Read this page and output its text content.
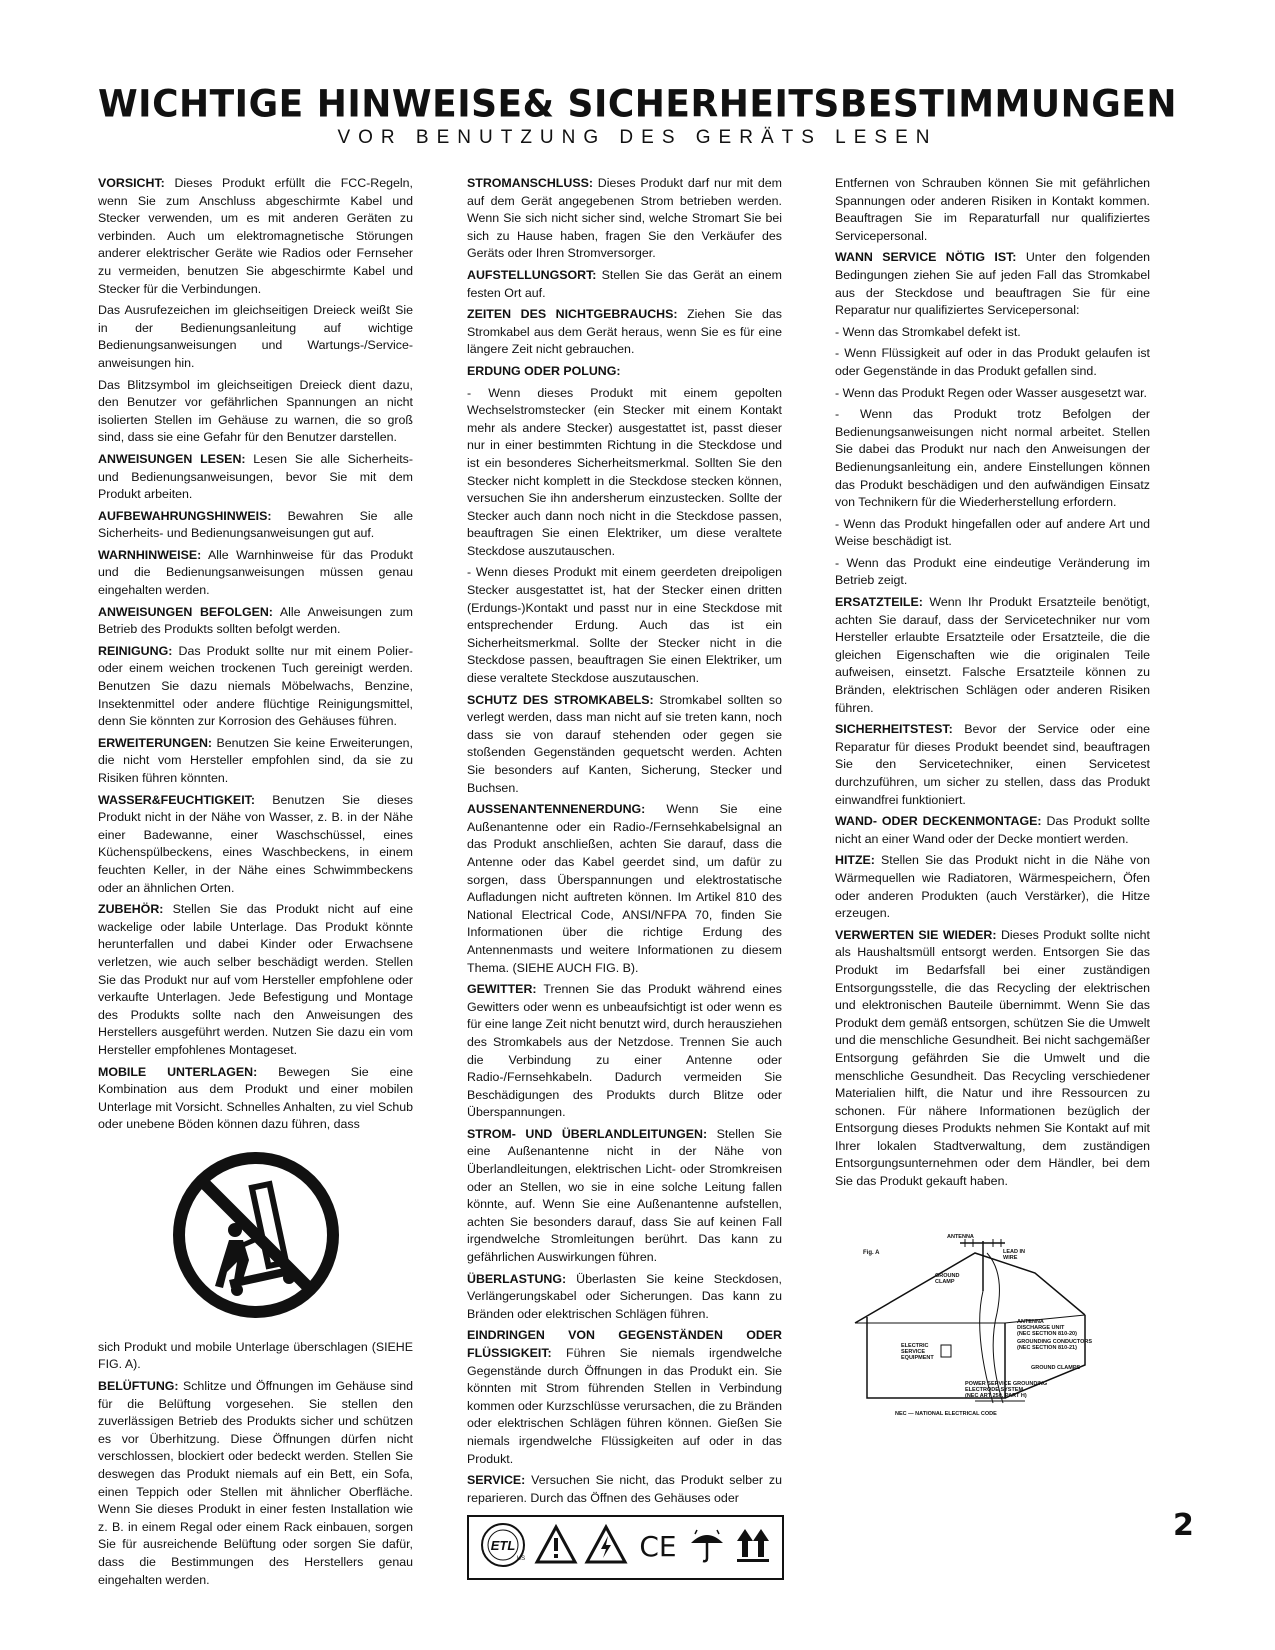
WICHTIGE HINWEISE& SICHERHEITSBESTIMMUNGEN
VOR BENUTZUNG DES GERÄTS LESEN
VORSICHT: Dieses Produkt erfüllt die FCC-Regeln, wenn Sie zum Anschluss abgeschirmte Kabel und Stecker verwenden, um es mit anderen Geräten zu verbinden. Auch um elektromagnetische Störungen anderer elektrischer Geräte wie Radios oder Fernseher zu vermeiden, benutzen Sie abgeschirmte Kabel und Stecker für die Verbindungen.
Das Ausrufezeichen im gleichseitigen Dreieck weißt Sie in der Bedienungsanleitung auf wichtige Bedienungsanweisungen und Wartungs-/Service-anweisungen hin.
Das Blitzsymbol im gleichseitigen Dreieck dient dazu, den Benutzer vor gefährlichen Spannungen an nicht isolierten Stellen im Gehäuse zu warnen, die so groß sind, dass sie eine Gefahr für den Benutzer darstellen.
ANWEISUNGEN LESEN: Lesen Sie alle Sicherheits- und Bedienungsanweisungen, bevor Sie mit dem Produkt arbeiten.
AUFBEWAHRUNGSHINWEIS: Bewahren Sie alle Sicherheits- und Bedienungsanweisungen gut auf.
WARNHINWEISE: Alle Warnhinweise für das Produkt und die Bedienungsanweisungen müssen genau eingehalten werden.
ANWEISUNGEN BEFOLGEN: Alle Anweisungen zum Betrieb des Produkts sollten befolgt werden.
REINIGUNG: Das Produkt sollte nur mit einem Polier- oder einem weichen trockenen Tuch gereinigt werden. Benutzen Sie dazu niemals Möbelwachs, Benzine, Insektenmittel oder andere flüchtige Reinigungsmittel, denn Sie könnten zur Korrosion des Gehäuses führen.
ERWEITERUNGEN: Benutzen Sie keine Erweiterungen, die nicht vom Hersteller empfohlen sind, da sie zu Risiken führen könnten.
WASSER&FEUCHTIGKEIT: Benutzen Sie dieses Produkt nicht in der Nähe von Wasser, z. B. in der Nähe einer Badewanne, einer Waschschüssel, eines Küchenspülbeckens, eines Waschbeckens, in einem feuchten Keller, in der Nähe eines Schwimmbeckens oder an ähnlichen Orten.
ZUBEHÖR: Stellen Sie das Produkt nicht auf eine wackelige oder labile Unterlage. Das Produkt könnte herunterfallen und dabei Kinder oder Erwachsene verletzen, wie auch selber beschädigt werden. Stellen Sie das Produkt nur auf vom Hersteller empfohlene oder verkaufte Unterlagen. Jede Befestigung und Montage des Produkts sollte nach den Anweisungen des Herstellers ausgeführt werden. Nutzen Sie dazu ein vom Hersteller empfohlenes Montageset.
MOBILE UNTERLAGEN: Bewegen Sie eine Kombination aus dem Produkt und einer mobilen Unterlage mit Vorsicht. Schnelles Anhalten, zu viel Schub oder unebene Böden können dazu führen, dass
sich Produkt und mobile Unterlage überschlagen (SIEHE FIG. A).
BELÜFTUNG: Schlitze und Öffnungen im Gehäuse sind für die Belüftung vorgesehen. Sie stellen den zuverlässigen Betrieb des Produkts sicher und schützen es vor Überhitzung. Diese Öffnungen dürfen nicht verschlossen, blockiert oder bedeckt werden. Stellen Sie deswegen das Produkt niemals auf ein Bett, ein Sofa, einen Teppich oder Stellen mit ähnlicher Oberfläche. Wenn Sie dieses Produkt in einer festen Installation wie z. B. in einem Regal oder einem Rack einbauen, sorgen Sie für ausreichende Belüftung oder sorgen Sie dafür, dass die Bestimmungen des Herstellers genau eingehalten werden.
STROMANSCHLUSS: Dieses Produkt darf nur mit dem auf dem Gerät angegebenen Strom betrieben werden. Wenn Sie sich nicht sicher sind, welche Stromart Sie bei sich zu Hause haben, fragen Sie den Verkäufer des Geräts oder Ihren Stromversorger.
AUFSTELLUNGSORT: Stellen Sie das Gerät an einem festen Ort auf.
ZEITEN DES NICHTGEBRAUCHS: Ziehen Sie das Stromkabel aus dem Gerät heraus, wenn Sie es für eine längere Zeit nicht gebrauchen.
ERDUNG ODER POLUNG:
- Wenn dieses Produkt mit einem gepolten Wechselstromstecker (ein Stecker mit einem Kontakt mehr als andere Stecker) ausgestattet ist, passt dieser nur in einer bestimmten Richtung in die Steckdose und ist ein besonderes Sicherheitsmerkmal. Sollten Sie den Stecker nicht komplett in die Steckdose stecken können, versuchen Sie ihn andersherum einzustecken. Sollte der Stecker auch dann noch nicht in die Steckdose passen, beauftragen Sie einen Elektriker, um diese veraltete Steckdose auszutauschen.
- Wenn dieses Produkt mit einem geerdeten dreipoligen Stecker ausgestattet ist, hat der Stecker einen dritten (Erdungs-)Kontakt und passt nur in eine Steckdose mit entsprechender Erdung. Auch das ist ein Sicherheitsmerkmal. Sollte der Stecker nicht in die Steckdose passen, beauftragen Sie einen Elektriker, um diese veraltete Steckdose auszutauschen.
SCHUTZ DES STROMKABELS: Stromkabel sollten so verlegt werden, dass man nicht auf sie treten kann, noch dass sie von darauf stehenden oder gegen sie stoßenden Gegenständen gequetscht werden. Achten Sie besonders auf Kanten, Sicherung, Stecker und Buchsen.
AUSSENANTENNENERDUNG: Wenn Sie eine Außenantenne oder ein Radio-/Fernsehkabelsignal an das Produkt anschließen, achten Sie darauf, dass die Antenne oder das Kabel geerdet sind, um dafür zu sorgen, dass Überspannungen und elektrostatische Aufladungen nicht auftreten können. Im Artikel 810 des National Electrical Code, ANSI/NFPA 70, finden Sie Informationen über die richtige Erdung des Antennenmasts und weitere Informationen zu diesem Thema. (SIEHE AUCH FIG. B).
GEWITTER: Trennen Sie das Produkt während eines Gewitters oder wenn es unbeaufsichtigt ist oder wenn es für eine lange Zeit nicht benutzt wird, durch herausziehen des Stromkabels aus der Netzdose. Trennen Sie auch die Verbindung zu einer Antenne oder Radio-/Fernsehkabeln. Dadurch vermeiden Sie Beschädigungen des Produkts durch Blitze oder Überspannungen.
STROM- UND ÜBERLANDLEITUNGEN: Stellen Sie eine Außenantenne nicht in der Nähe von Überlandleitungen, elektrischen Licht- oder Stromkreisen oder an Stellen, wo sie in eine solche Leitung fallen könnte, auf. Wenn Sie eine Außenantenne aufstellen, achten Sie besonders darauf, dass Sie auf keinen Fall irgendwelche Stromleitungen berührt. Das kann zu gefährlichen Auswirkungen führen.
ÜBERLASTUNG: Überlasten Sie keine Steckdosen, Verlängerungskabel oder Sicherungen. Das kann zu Bränden oder elektrischen Schlägen führen.
EINDRINGEN VON GEGENSTÄNDEN ODER FLÜSSIGKEIT: Führen Sie niemals irgendwelche Gegenstände durch Öffnungen in das Produkt ein. Sie könnten mit Strom führenden Stellen in Verbindung kommen oder Kurzschlüsse verursachen, die zu Bränden oder elektrischen Schlägen führen können. Gießen Sie niemals irgendwelche Flüssigkeiten auf oder in das Produkt.
SERVICE: Versuchen Sie nicht, das Produkt selber zu reparieren. Durch das Öffnen des Gehäuses oder
ETL
US	CE
Entfernen von Schrauben können Sie mit gefährlichen Spannungen oder anderen Risiken in Kontakt kommen. Beauftragen Sie im Reparaturfall nur qualifiziertes Servicepersonal.
WANN SERVICE NÖTIG IST: Unter den folgenden Bedingungen ziehen Sie auf jeden Fall das Stromkabel aus der Steckdose und beauftragen Sie für eine Reparatur nur qualifiziertes Servicepersonal:
- Wenn das Stromkabel defekt ist.
- Wenn Flüssigkeit auf oder in das Produkt gelaufen ist oder Gegenstände in das Produkt gefallen sind.
- Wenn das Produkt Regen oder Wasser ausgesetzt war.
- Wenn das Produkt trotz Befolgen der Bedienungsanweisungen nicht normal arbeitet. Stellen Sie dabei das Produkt nur nach den Anweisungen der Bedienungsanleitung ein, andere Einstellungen können das Produkt beschädigen und den aufwändigen Einsatz von Technikern für die Wiederherstellung erfordern.
- Wenn das Produkt hingefallen oder auf andere Art und Weise beschädigt ist.
- Wenn das Produkt eine eindeutige Veränderung im Betrieb zeigt.
ERSATZTEILE: Wenn Ihr Produkt Ersatzteile benötigt, achten Sie darauf, dass der Servicetechniker nur vom Hersteller erlaubte Ersatzteile oder Ersatzteile, die die gleichen Eigenschaften wie die originalen Teile aufweisen, einsetzt. Falsche Ersatzteile können zu Bränden, elektrischen Schlägen oder anderen Risiken führen.
SICHERHEITSTEST: Bevor der Service oder eine Reparatur für dieses Produkt beendet sind, beauftragen Sie den Servicetechniker, einen Servicetest durchzuführen, um sicher zu stellen, dass das Produkt einwandfrei funktioniert.
WAND- ODER DECKENMONTAGE: Das Produkt sollte nicht an einer Wand oder der Decke montiert werden.
HITZE: Stellen Sie das Produkt nicht in die Nähe von Wärmequellen wie Radiatoren, Wärmespeichern, Öfen oder anderen Produkten (auch Verstärker), die Hitze erzeugen.
VERWERTEN SIE WIEDER: Dieses Produkt sollte nicht als Haushaltsmüll entsorgt werden. Entsorgen Sie das Produkt im Bedarfsfall bei einer zuständigen Entsorgungsstelle, die das Recycling der elektrischen und elektronischen Bauteile übernimmt. Wenn Sie das Produkt dem gemäß entsorgen, schützen Sie die Umwelt und die menschliche Gesundheit. Bei nicht sachgemäßer Entsorgung gefährden Sie die Umwelt und die menschliche Gesundheit. Das Recycling verschiedener Materialien hilft, die Natur und ihre Ressourcen zu schonen. Für nähere Informationen bezüglich der Entsorgung dieses Produkts nehmen Sie Kontakt auf mit Ihrer lokalen Stadtverwaltung, dem zuständigen Entsorgungsunternehmen oder dem Händler, bei dem Sie das Produkt gekauft haben.
Fig. A
ANTENNA
LEAD IN
WIRE
GROUND
CLAMP
ANTENNA
DISCHARGE UNIT
(NEC SECTION 810-20)
GROUNDING CONDUCTORS
(NEC SECTION 810-21)
ELECTRIC
SERVICE
EQUIPMENT
GROUND CLAMPS
POWER SERVICE GROUNDING
ELECTRODE SYSTEM
(NEC ART 250, PART H)
NEC — NATIONAL ELECTRICAL CODE
2
